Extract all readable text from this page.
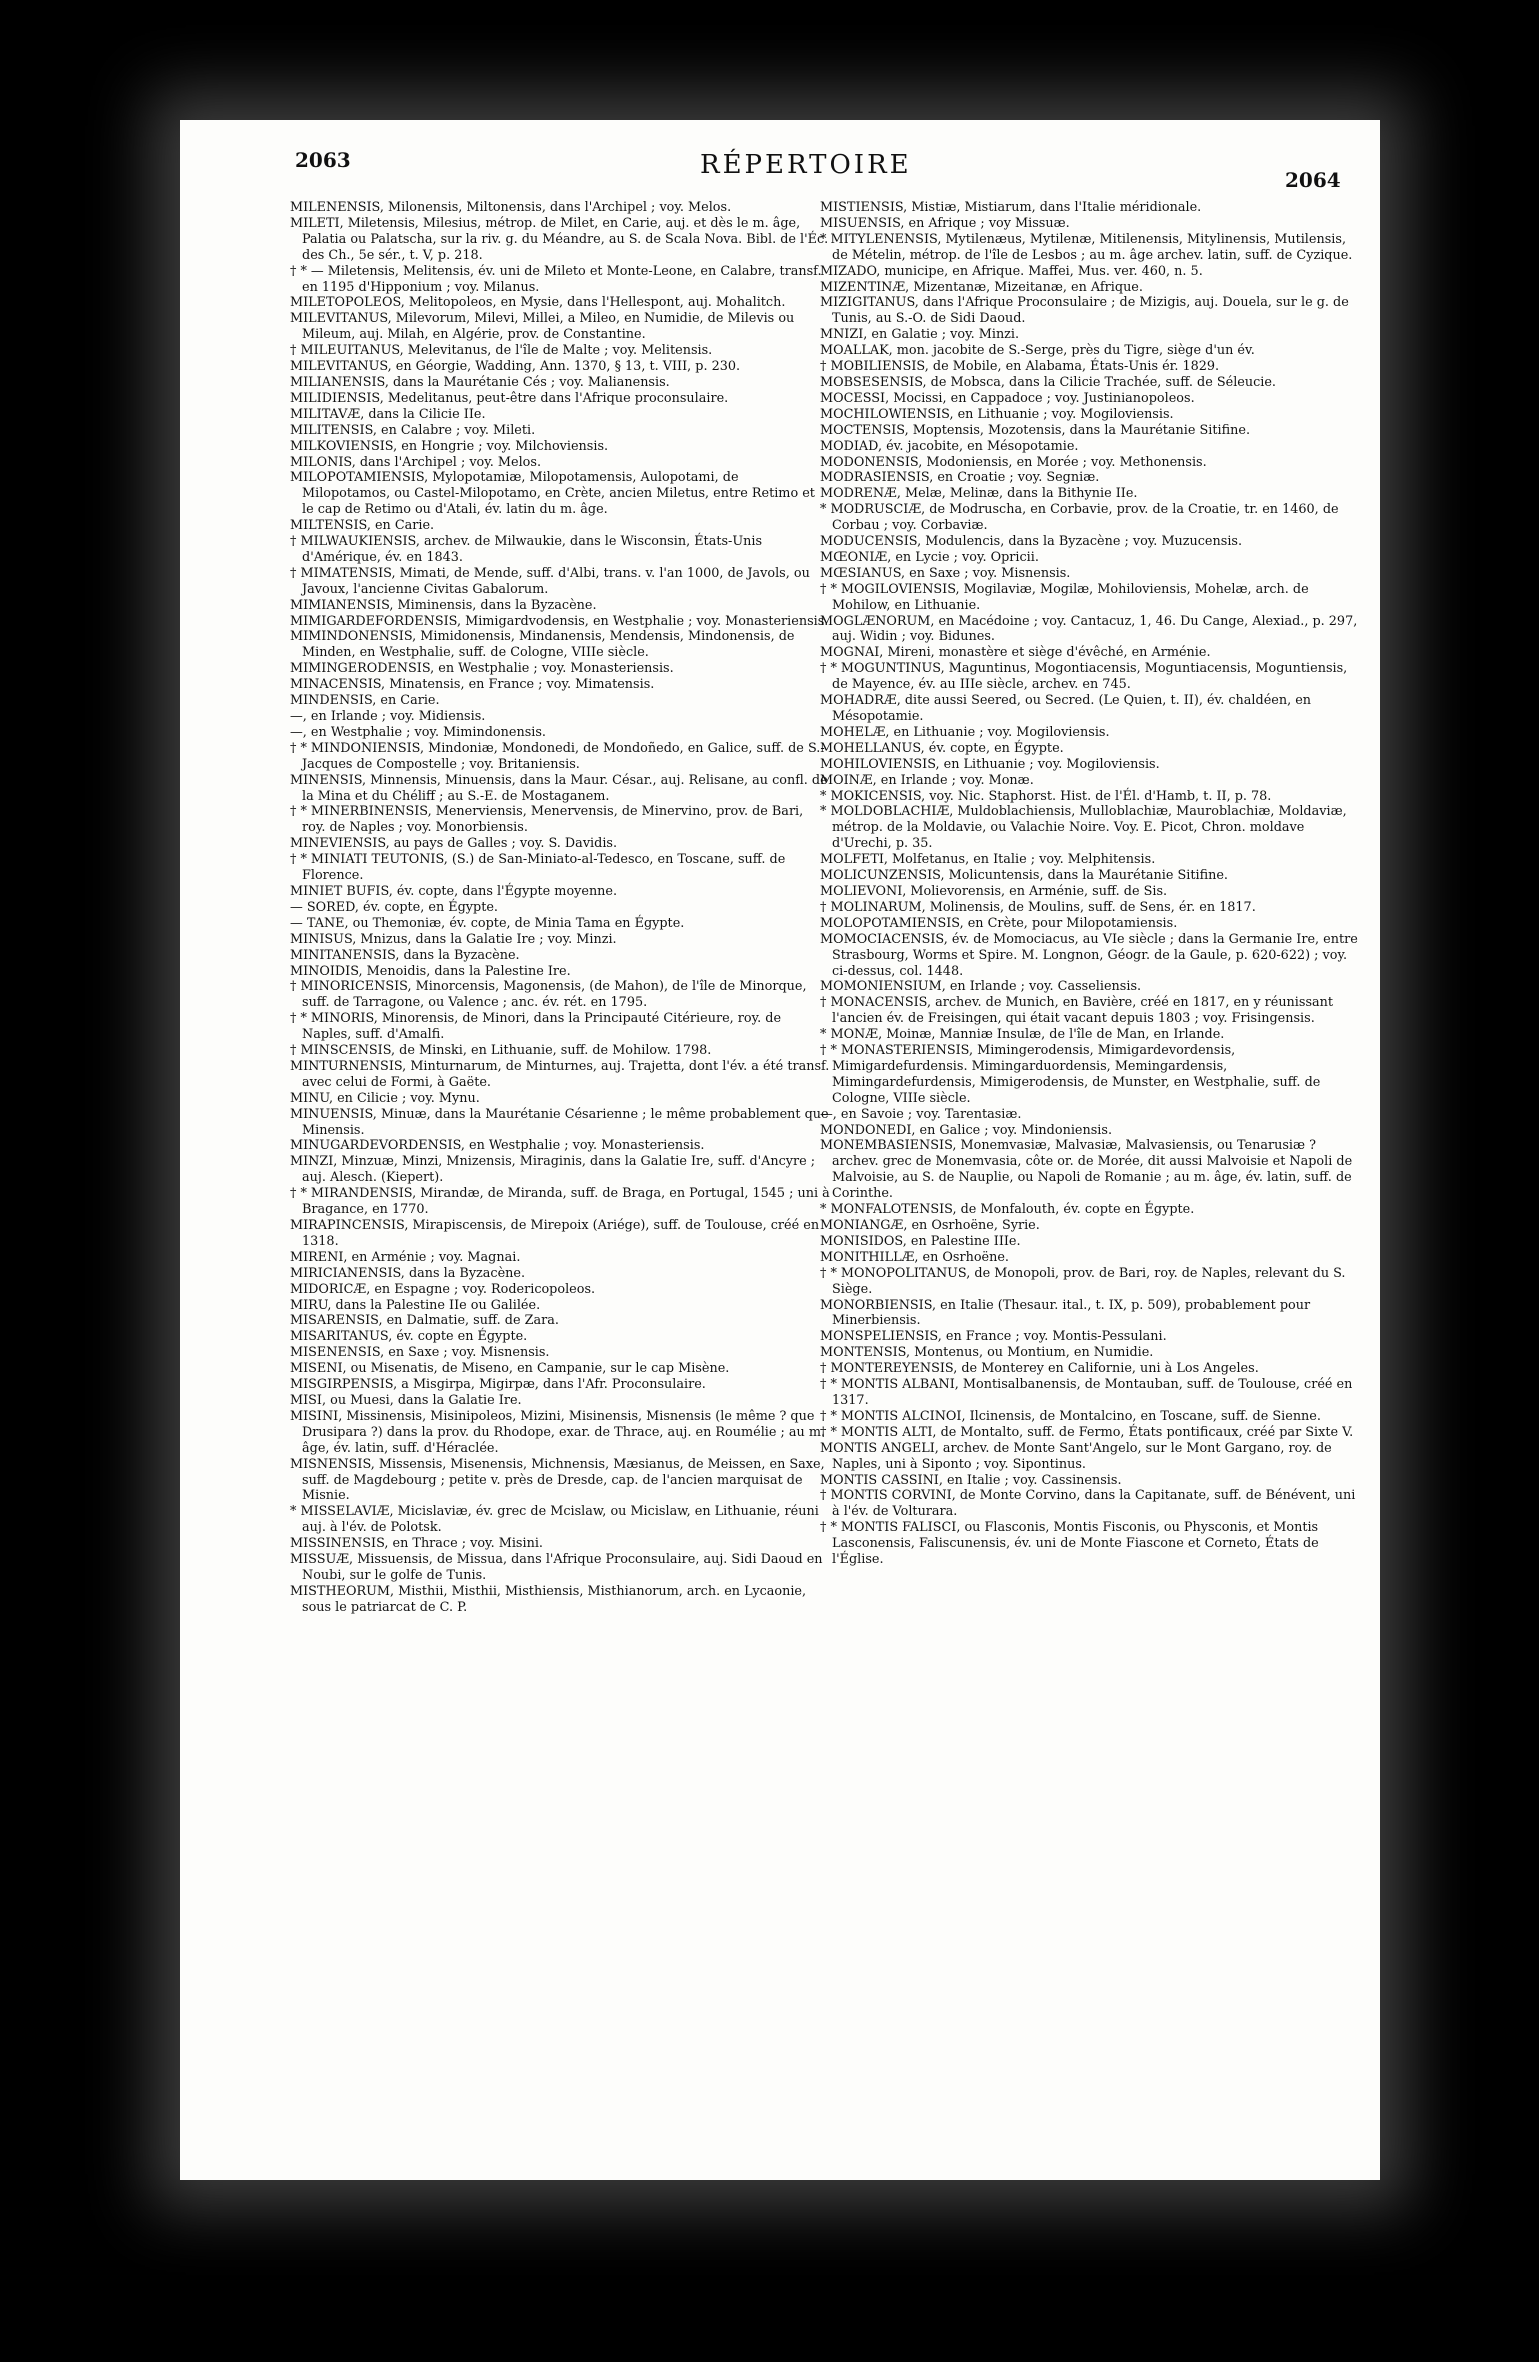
2063	RÉPERTOIRE	2064

MILENENSIS, Milonensis, Miltonensis, dans l'Archipel ; voy. Melos.

MILETI, Miletensis, Milesius, métrop. de Milet, en Carie, auj. et dès le m. âge, Palatia ou Palatscha, sur la riv. g. du Méandre, au S. de Scala Nova. Bibl. de l'Éc. des Ch., 5e sér., t. V, p. 218.

† * — Miletensis, Melitensis, év. uni de Mileto et Monte-Leone, en Calabre, transf. en 1195 d'Hipponium ; voy. Milanus.

MILETOPOLEOS, Melitopoleos, en Mysie, dans l'Hellespont, auj. Mohalitch.

MILEVITANUS, Milevorum, Milevi, Millei, a Mileo, en Numidie, de Milevis ou Mileum, auj. Milah, en Algérie, prov. de Constantine.

† MILEUITANUS, Melevitanus, de l'île de Malte ; voy. Melitensis.

MILEVITANUS, en Géorgie, Wadding, Ann. 1370, § 13, t. VIII, p. 230.

MILIANENSIS, dans la Maurétanie Cés ; voy. Malianensis.

MILIDIENSIS, Medelitanus, peut-être dans l'Afrique proconsulaire.

MILITAVÆ, dans la Cilicie IIe.

MILITENSIS, en Calabre ; voy. Mileti.

MILKOVIENSIS, en Hongrie ; voy. Milchoviensis.

MILONIS, dans l'Archipel ; voy. Melos.

MILOPOTAMIENSIS, Mylopotamiæ, Milopotamensis, Aulopotami, de Milopotamos, ou Castel-Milopotamo, en Crète, ancien Miletus, entre Retimo et le cap de Retimo ou d'Atali, év. latin du m. âge.

MILTENSIS, en Carie.

† MILWAUKIENSIS, archev. de Milwaukie, dans le Wisconsin, États-Unis d'Amérique, év. en 1843.

† MIMATENSIS, Mimati, de Mende, suff. d'Albi, trans. v. l'an 1000, de Javols, ou Javoux, l'ancienne Civitas Gabalorum.

MIMIANENSIS, Miminensis, dans la Byzacène.

MIMIGARDEFORDENSIS, Mimigardvodensis, en Westphalie ; voy. Monasteriensis.

MIMINDONENSIS, Mimidonensis, Mindanensis, Mendensis, Mindonensis, de Minden, en Westphalie, suff. de Cologne, VIIIe siècle.

MIMINGERODENSIS, en Westphalie ; voy. Monasteriensis.

MINACENSIS, Minatensis, en France ; voy. Mimatensis.

MINDENSIS, en Carie.

—, en Irlande ; voy. Midiensis.

—, en Westphalie ; voy. Mimindonensis.

† * MINDONIENSIS, Mindoniæ, Mondonedi, de Mondoñedo, en Galice, suff. de S.-Jacques de Compostelle ; voy. Britaniensis.

MINENSIS, Minnensis, Minuensis, dans la Maur. César., auj. Relisane, au confl. de la Mina et du Chéliff ; au S.-E. de Mostaganem.

† * MINERBINENSIS, Menerviensis, Menervensis, de Minervino, prov. de Bari, roy. de Naples ; voy. Monorbiensis.

MINEVIENSIS, au pays de Galles ; voy. S. Davidis.

† * MINIATI TEUTONIS, (S.) de San-Miniato-al-Tedesco, en Toscane, suff. de Florence.

MINIET BUFIS, év. copte, dans l'Égypte moyenne.

— SORED, év. copte, en Égypte.

— TANE, ou Themoniæ, év. copte, de Minia Tama en Égypte.

MINISUS, Mnizus, dans la Galatie Ire ; voy. Minzi.

MINITANENSIS, dans la Byzacène.

MINOIDIS, Menoidis, dans la Palestine Ire.

† MINORICENSIS, Minorcensis, Magonensis, (de Mahon), de l'île de Minorque, suff. de Tarragone, ou Valence ; anc. év. rét. en 1795.

† * MINORIS, Minorensis, de Minori, dans la Principauté Citérieure, roy. de Naples, suff. d'Amalfi.

† MINSCENSIS, de Minski, en Lithuanie, suff. de Mohilow. 1798.

MINTURNENSIS, Minturnarum, de Minturnes, auj. Trajetta, dont l'év. a été transf. avec celui de Formi, à Gaëte.

MINU, en Cilicie ; voy. Mynu.

MINUENSIS, Minuæ, dans la Maurétanie Césarienne ; le même probablement que Minensis.

MINUGARDEVORDENSIS, en Westphalie ; voy. Monasteriensis.

MINZI, Minzuæ, Minzi, Mnizensis, Miraginis, dans la Galatie Ire, suff. d'Ancyre ; auj. Alesch. (Kiepert).

† * MIRANDENSIS, Mirandæ, de Miranda, suff. de Braga, en Portugal, 1545 ; uni à Bragance, en 1770.

MIRAPINCENSIS, Mirapiscensis, de Mirepoix (Ariége), suff. de Toulouse, créé en 1318.

MIRENI, en Arménie ; voy. Magnai.

MIRICIANENSIS, dans la Byzacène.

MIDORICÆ, en Espagne ; voy. Rodericopoleos.

MIRU, dans la Palestine IIe ou Galilée.

MISARENSIS, en Dalmatie, suff. de Zara.

MISARITANUS, év. copte en Égypte.

MISENENSIS, en Saxe ; voy. Misnensis.

MISENI, ou Misenatis, de Miseno, en Campanie, sur le cap Misène.

MISGIRPENSIS, a Misgirpa, Migirpæ, dans l'Afr. Proconsulaire.

MISI, ou Muesi, dans la Galatie Ire.

MISINI, Missinensis, Misinipoleos, Mizini, Misinensis, Misnensis (le même ? que Drusipara ?) dans la prov. du Rhodope, exar. de Thrace, auj. en Roumélie ; au m. âge, év. latin, suff. d'Héraclée.

MISNENSIS, Missensis, Misenensis, Michnensis, Mæsianus, de Meissen, en Saxe, suff. de Magdebourg ; petite v. près de Dresde, cap. de l'ancien marquisat de Misnie.

* MISSELAVIÆ, Micislaviæ, év. grec de Mcislaw, ou Micislaw, en Lithuanie, réuni auj. à l'év. de Polotsk.

MISSINENSIS, en Thrace ; voy. Misini.

MISSUÆ, Missuensis, de Missua, dans l'Afrique Proconsulaire, auj. Sidi Daoud en Noubi, sur le golfe de Tunis.

MISTHEORUM, Misthii, Misthii, Misthiensis, Misthianorum, arch. en Lycaonie, sous le patriarcat de C. P.

MISTIENSIS, Mistiæ, Mistiarum, dans l'Italie méridionale.

MISUENSIS, en Afrique ; voy Missuæ.

* MITYLENENSIS, Mytilenæus, Mytilenæ, Mitilenensis, Mitylinensis, Mutilensis, de Mételin, métrop. de l'île de Lesbos ; au m. âge archev. latin, suff. de Cyzique.

MIZADO, municipe, en Afrique. Maffei, Mus. ver. 460, n. 5.

MIZENTINÆ, Mizentanæ, Mizeitanæ, en Afrique.

MIZIGITANUS, dans l'Afrique Proconsulaire ; de Mizigis, auj. Douela, sur le g. de Tunis, au S.-O. de Sidi Daoud.

MNIZI, en Galatie ; voy. Minzi.

MOALLAK, mon. jacobite de S.-Serge, près du Tigre, siège d'un év.

† MOBILIENSIS, de Mobile, en Alabama, États-Unis ér. 1829.

MOBSESENSIS, de Mobsca, dans la Cilicie Trachée, suff. de Séleucie.

MOCESSI, Mocissi, en Cappadoce ; voy. Justinianopoleos.

MOCHILOWIENSIS, en Lithuanie ; voy. Mogiloviensis.

MOCTENSIS, Moptensis, Mozotensis, dans la Maurétanie Sitifine.

MODIAD, év. jacobite, en Mésopotamie.

MODONENSIS, Modoniensis, en Morée ; voy. Methonensis.

MODRASIENSIS, en Croatie ; voy. Segniæ.

MODRENÆ, Melæ, Melinæ, dans la Bithynie IIe.

* MODRUSCIÆ, de Modruscha, en Corbavie, prov. de la Croatie, tr. en 1460, de Corbau ; voy. Corbaviæ.

MODUCENSIS, Modulencis, dans la Byzacène ; voy. Muzucensis.

MŒONIÆ, en Lycie ; voy. Opricii.

MŒSIANUS, en Saxe ; voy. Misnensis.

† * MOGILOVIENSIS, Mogilaviæ, Mogilæ, Mohiloviensis, Mohelæ, arch. de Mohilow, en Lithuanie.

MOGLÆNORUM, en Macédoine ; voy. Cantacuz, 1, 46. Du Cange, Alexiad., p. 297, auj. Widin ; voy. Bidunes.

MOGNAI, Mireni, monastère et siège d'évêché, en Arménie.

† * MOGUNTINUS, Maguntinus, Mogontiacensis, Moguntiacensis, Moguntiensis, de Mayence, év. au IIIe siècle, archev. en 745.

MOHADRÆ, dite aussi Seered, ou Secred. (Le Quien, t. II), év. chaldéen, en Mésopotamie.

MOHELÆ, en Lithuanie ; voy. Mogiloviensis.

MOHELLANUS, év. copte, en Égypte.

MOHILOVIENSIS, en Lithuanie ; voy. Mogiloviensis.

MOINÆ, en Irlande ; voy. Monæ.

* MOKICENSIS, voy. Nic. Staphorst. Hist. de l'Él. d'Hamb, t. II, p. 78.

* MOLDOBLACHIÆ, Muldoblachiensis, Mulloblachiæ, Mauroblachiæ, Moldaviæ, métrop. de la Moldavie, ou Valachie Noire. Voy. E. Picot, Chron. moldave d'Urechi, p. 35.

MOLFETI, Molfetanus, en Italie ; voy. Melphitensis.

MOLICUNZENSIS, Molicuntensis, dans la Maurétanie Sitifine.

MOLIEVONI, Molievorensis, en Arménie, suff. de Sis.

† MOLINARUM, Molinensis, de Moulins, suff. de Sens, ér. en 1817.

MOLOPOTAMIENSIS, en Crète, pour Milopotamiensis.

MOMOCIACENSIS, év. de Momociacus, au VIe siècle ; dans la Germanie Ire, entre Strasbourg, Worms et Spire. M. Longnon, Géogr. de la Gaule, p. 620-622) ; voy. ci-dessus, col. 1448.

MOMONIENSIUM, en Irlande ; voy. Casseliensis.

† MONACENSIS, archev. de Munich, en Bavière, créé en 1817, en y réunissant l'ancien év. de Freisingen, qui était vacant depuis 1803 ; voy. Frisingensis.

* MONÆ, Moinæ, Manniæ Insulæ, de l'île de Man, en Irlande.

† * MONASTERIENSIS, Mimingerodensis, Mimigardevordensis, Mimigardefurdensis. Mimingarduordensis, Memingardensis, Mimingardefurdensis, Mimigerodensis, de Munster, en Westphalie, suff. de Cologne, VIIIe siècle.

—, en Savoie ; voy. Tarentasiæ.

MONDONEDI, en Galice ; voy. Mindoniensis.

MONEMBASIENSIS, Monemvasiæ, Malvasiæ, Malvasiensis, ou Tenarusiæ ? archev. grec de Monemvasia, côte or. de Morée, dit aussi Malvoisie et Napoli de Malvoisie, au S. de Nauplie, ou Napoli de Romanie ; au m. âge, év. latin, suff. de Corinthe.

* MONFALOTENSIS, de Monfalouth, év. copte en Égypte.

MONIANGÆ, en Osrhoëne, Syrie.

MONISIDOS, en Palestine IIIe.

MONITHILLÆ, en Osrhoëne.

† * MONOPOLITANUS, de Monopoli, prov. de Bari, roy. de Naples, relevant du S. Siège.

MONORBIENSIS, en Italie (Thesaur. ital., t. IX, p. 509), probablement pour Minerbiensis.

MONSPELIENSIS, en France ; voy. Montis-Pessulani.

MONTENSIS, Montenus, ou Montium, en Numidie.

† MONTEREYENSIS, de Monterey en Californie, uni à Los Angeles.

† * MONTIS ALBANI, Montisalbanensis, de Montauban, suff. de Toulouse, créé en 1317.

† * MONTIS ALCINOI, Ilcinensis, de Montalcino, en Toscane, suff. de Sienne.

† * MONTIS ALTI, de Montalto, suff. de Fermo, États pontificaux, créé par Sixte V.

MONTIS ANGELI, archev. de Monte Sant'Angelo, sur le Mont Gargano, roy. de Naples, uni à Siponto ; voy. Sipontinus.

MONTIS CASSINI, en Italie ; voy. Cassinensis.

† MONTIS CORVINI, de Monte Corvino, dans la Capitanate, suff. de Bénévent, uni à l'év. de Volturara.

† * MONTIS FALISCI, ou Flasconis, Montis Fisconis, ou Physconis, et Montis Lasconensis, Faliscunensis, év. uni de Monte Fiascone et Corneto, États de l'Église.
